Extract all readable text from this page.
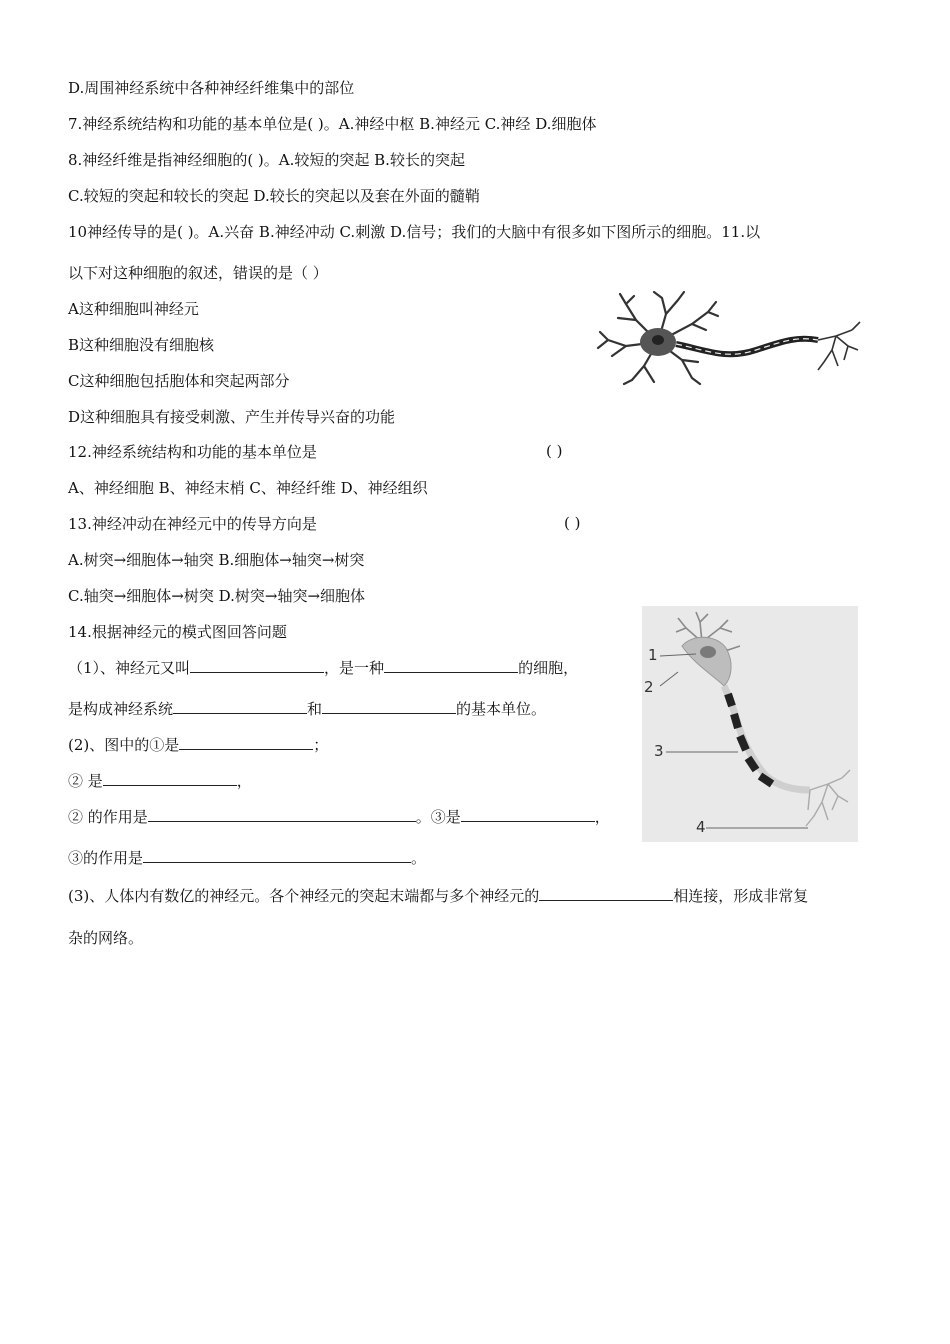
D.周围神经系统中各种神经纤维集中的部位
7.神经系统结构和功能的基本单位是( )。A.神经中枢 B.神经元 C.神经 D.细胞体
8.神经纤维是指神经细胞的( )。A.较短的突起 B.较长的突起
C.较短的突起和较长的突起 D.较长的突起以及套在外面的髓鞘
10神经传导的是( )。A.兴奋 B.神经冲动 C.刺激 D.信号；我们的大脑中有很多如下图所示的细胞。11.以
以下对这种细胞的叙述，错误的是（ ）
A这种细胞叫神经元
B这种细胞没有细胞核
C这种细胞包括胞体和突起两部分
D这种细胞具有接受刺激、产生并传导兴奋的功能
12.神经系统结构和功能的基本单位是	( )
A、神经细胞 B、神经末梢 C、神经纤维 D、神经组织
13.神经冲动在神经元中的传导方向是	( )
A.树突→细胞体→轴突 B.细胞体→轴突→树突
C.轴突→细胞体→树突 D.树突→轴突→细胞体
14.根据神经元的模式图回答问题
（1）、神经元又叫	，是一种	的细胞，
是构成神经系统	和	的基本单位。
(2)、图中的①是	；
② 是	，
② 的作用是	。③是	，
③的作用是	。
(3)、人体内有数亿的神经元。各个神经元的突起末端都与多个神经元的	相连接，形成非常复
杂的网络。
1
2
3
4
